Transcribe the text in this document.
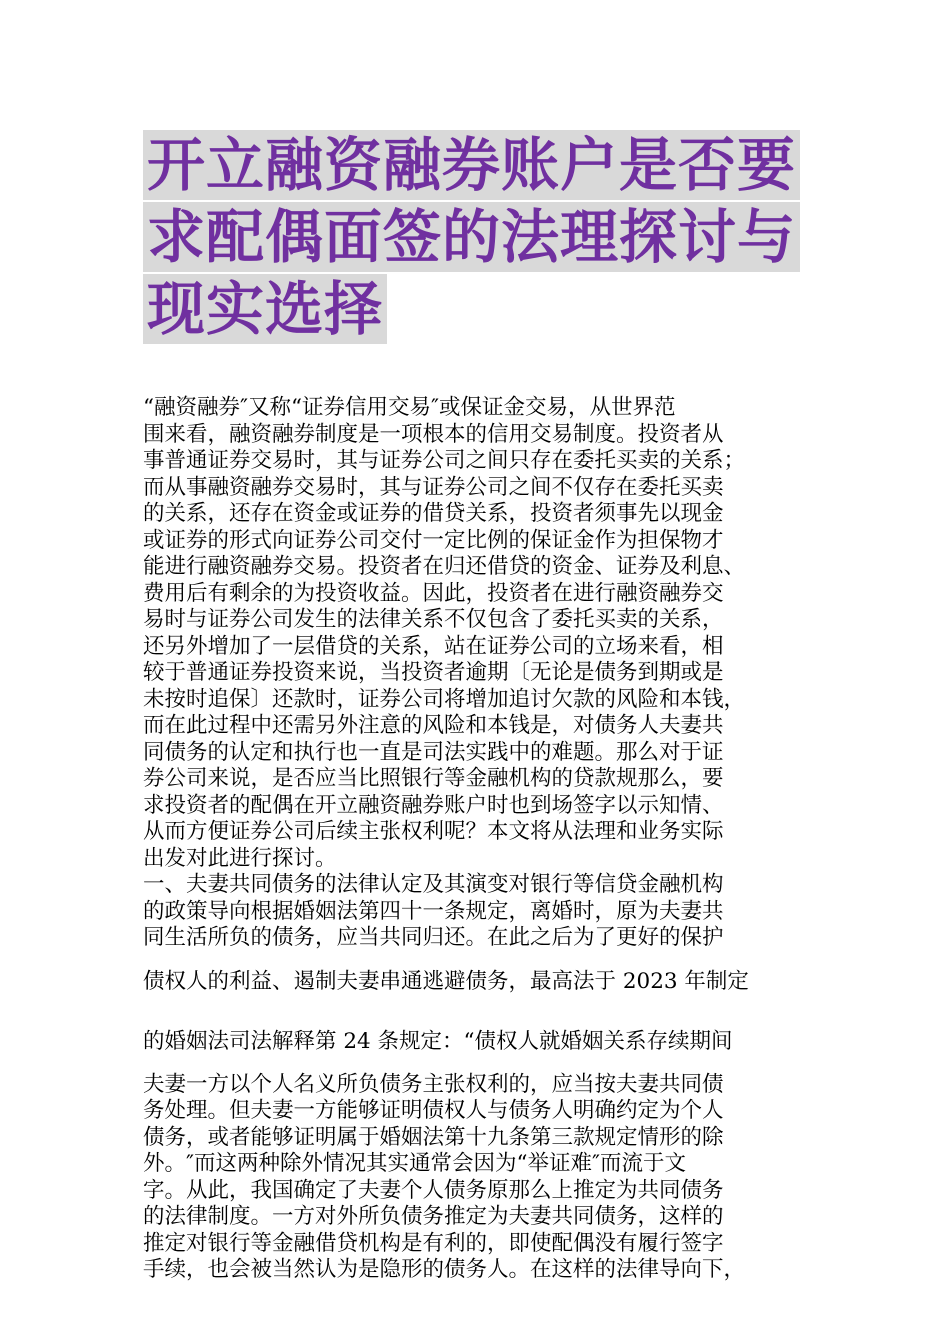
开立融资融券账户是否要
求配偶面签的法理探讨与
现实选择

“融资融券″又称“证券信用交易″或保证金交易，从世界范
围来看，融资融券制度是一项根本的信用交易制度。投资者从
事普通证券交易时，其与证券公司之间只存在委托买卖的关系；
而从事融资融券交易时，其与证券公司之间不仅存在委托买卖
的关系，还存在资金或证券的借贷关系，投资者须事先以现金
或证券的形式向证券公司交付一定比例的保证金作为担保物才
能进行融资融券交易。投资者在归还借贷的资金、证券及利息、
费用后有剩余的为投资收益。因此，投资者在进行融资融券交
易时与证券公司发生的法律关系不仅包含了委托买卖的关系，
还另外增加了一层借贷的关系，站在证券公司的立场来看，相
较于普通证券投资来说，当投资者逾期〔无论是债务到期或是
未按时追保〕还款时，证券公司将增加追讨欠款的风险和本钱，
而在此过程中还需另外注意的风险和本钱是，对债务人夫妻共
同债务的认定和执行也一直是司法实践中的难题。那么对于证
券公司来说，是否应当比照银行等金融机构的贷款规那么，要
求投资者的配偶在开立融资融券账户时也到场签字以示知情、
从而方便证券公司后续主张权利呢？本文将从法理和业务实际
出发对此进行探讨。
一、夫妻共同债务的法律认定及其演变对银行等信贷金融机构
的政策导向根据婚姻法第四十一条规定，离婚时，原为夫妻共
同生活所负的债务，应当共同归还。在此之后为了更好的保护

债权人的利益、遏制夫妻串通逃避债务，最高法于 2023 年制定

的婚姻法司法解释第 24 条规定：“债权人就婚姻关系存续期间

夫妻一方以个人名义所负债务主张权利的，应当按夫妻共同债
务处理。但夫妻一方能够证明债权人与债务人明确约定为个人
债务，或者能够证明属于婚姻法第十九条第三款规定情形的除
外。″而这两种除外情况其实通常会因为“举证难″而流于文
字。从此，我国确定了夫妻个人债务原那么上推定为共同债务
的法律制度。一方对外所负债务推定为夫妻共同债务，这样的
推定对银行等金融借贷机构是有利的，即使配偶没有履行签字
手续，也会被当然认为是隐形的债务人。在这样的法律导向下，
